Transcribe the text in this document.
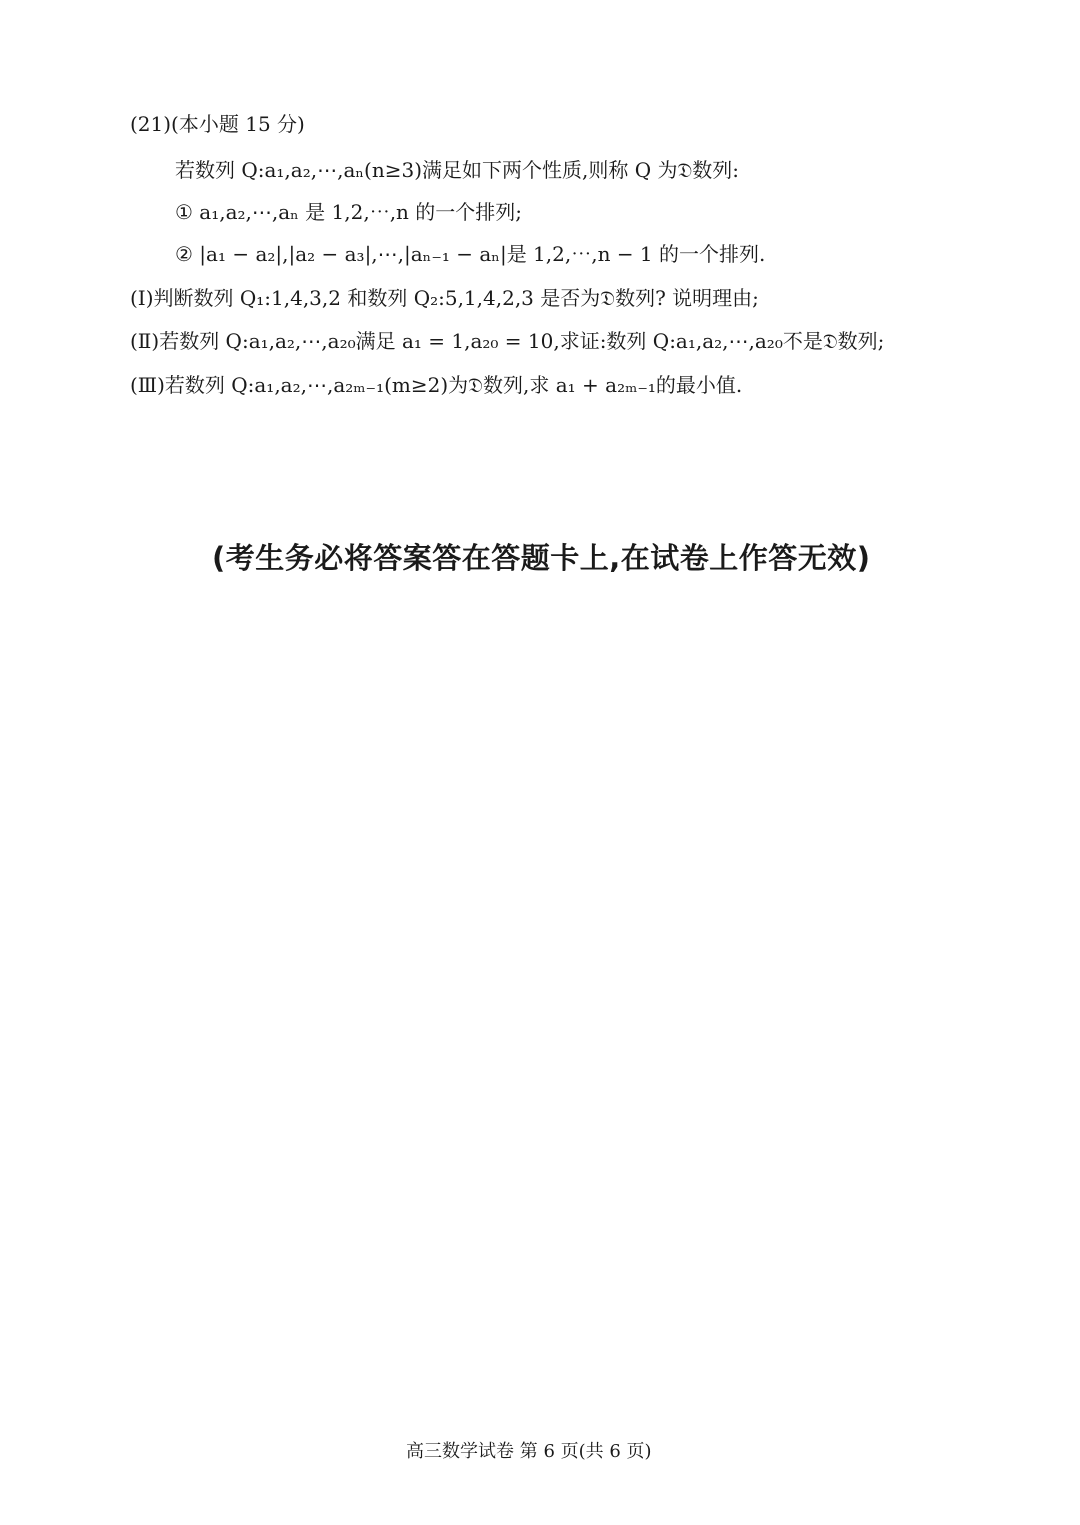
(21)(本小题 15 分)
若数列 Q:a₁,a₂,⋯,aₙ(n≥3)满足如下两个性质,则称 Q 为𝔇数列:
① a₁,a₂,⋯,aₙ 是 1,2,⋯,n 的一个排列;
② |a₁ − a₂|,|a₂ − a₃|,⋯,|aₙ₋₁ − aₙ|是 1,2,⋯,n − 1 的一个排列.
(Ⅰ)判断数列 Q₁:1,4,3,2 和数列 Q₂:5,1,4,2,3 是否为𝔇数列? 说明理由;
(Ⅱ)若数列 Q:a₁,a₂,⋯,a₂₀满足 a₁ = 1,a₂₀ = 10,求证:数列 Q:a₁,a₂,⋯,a₂₀不是𝔇数列;
(Ⅲ)若数列 Q:a₁,a₂,⋯,a₂ₘ₋₁(m≥2)为𝔇数列,求 a₁ + a₂ₘ₋₁的最小值.
(考生务必将答案答在答题卡上,在试卷上作答无效)
高三数学试卷 第 6 页(共 6 页)
